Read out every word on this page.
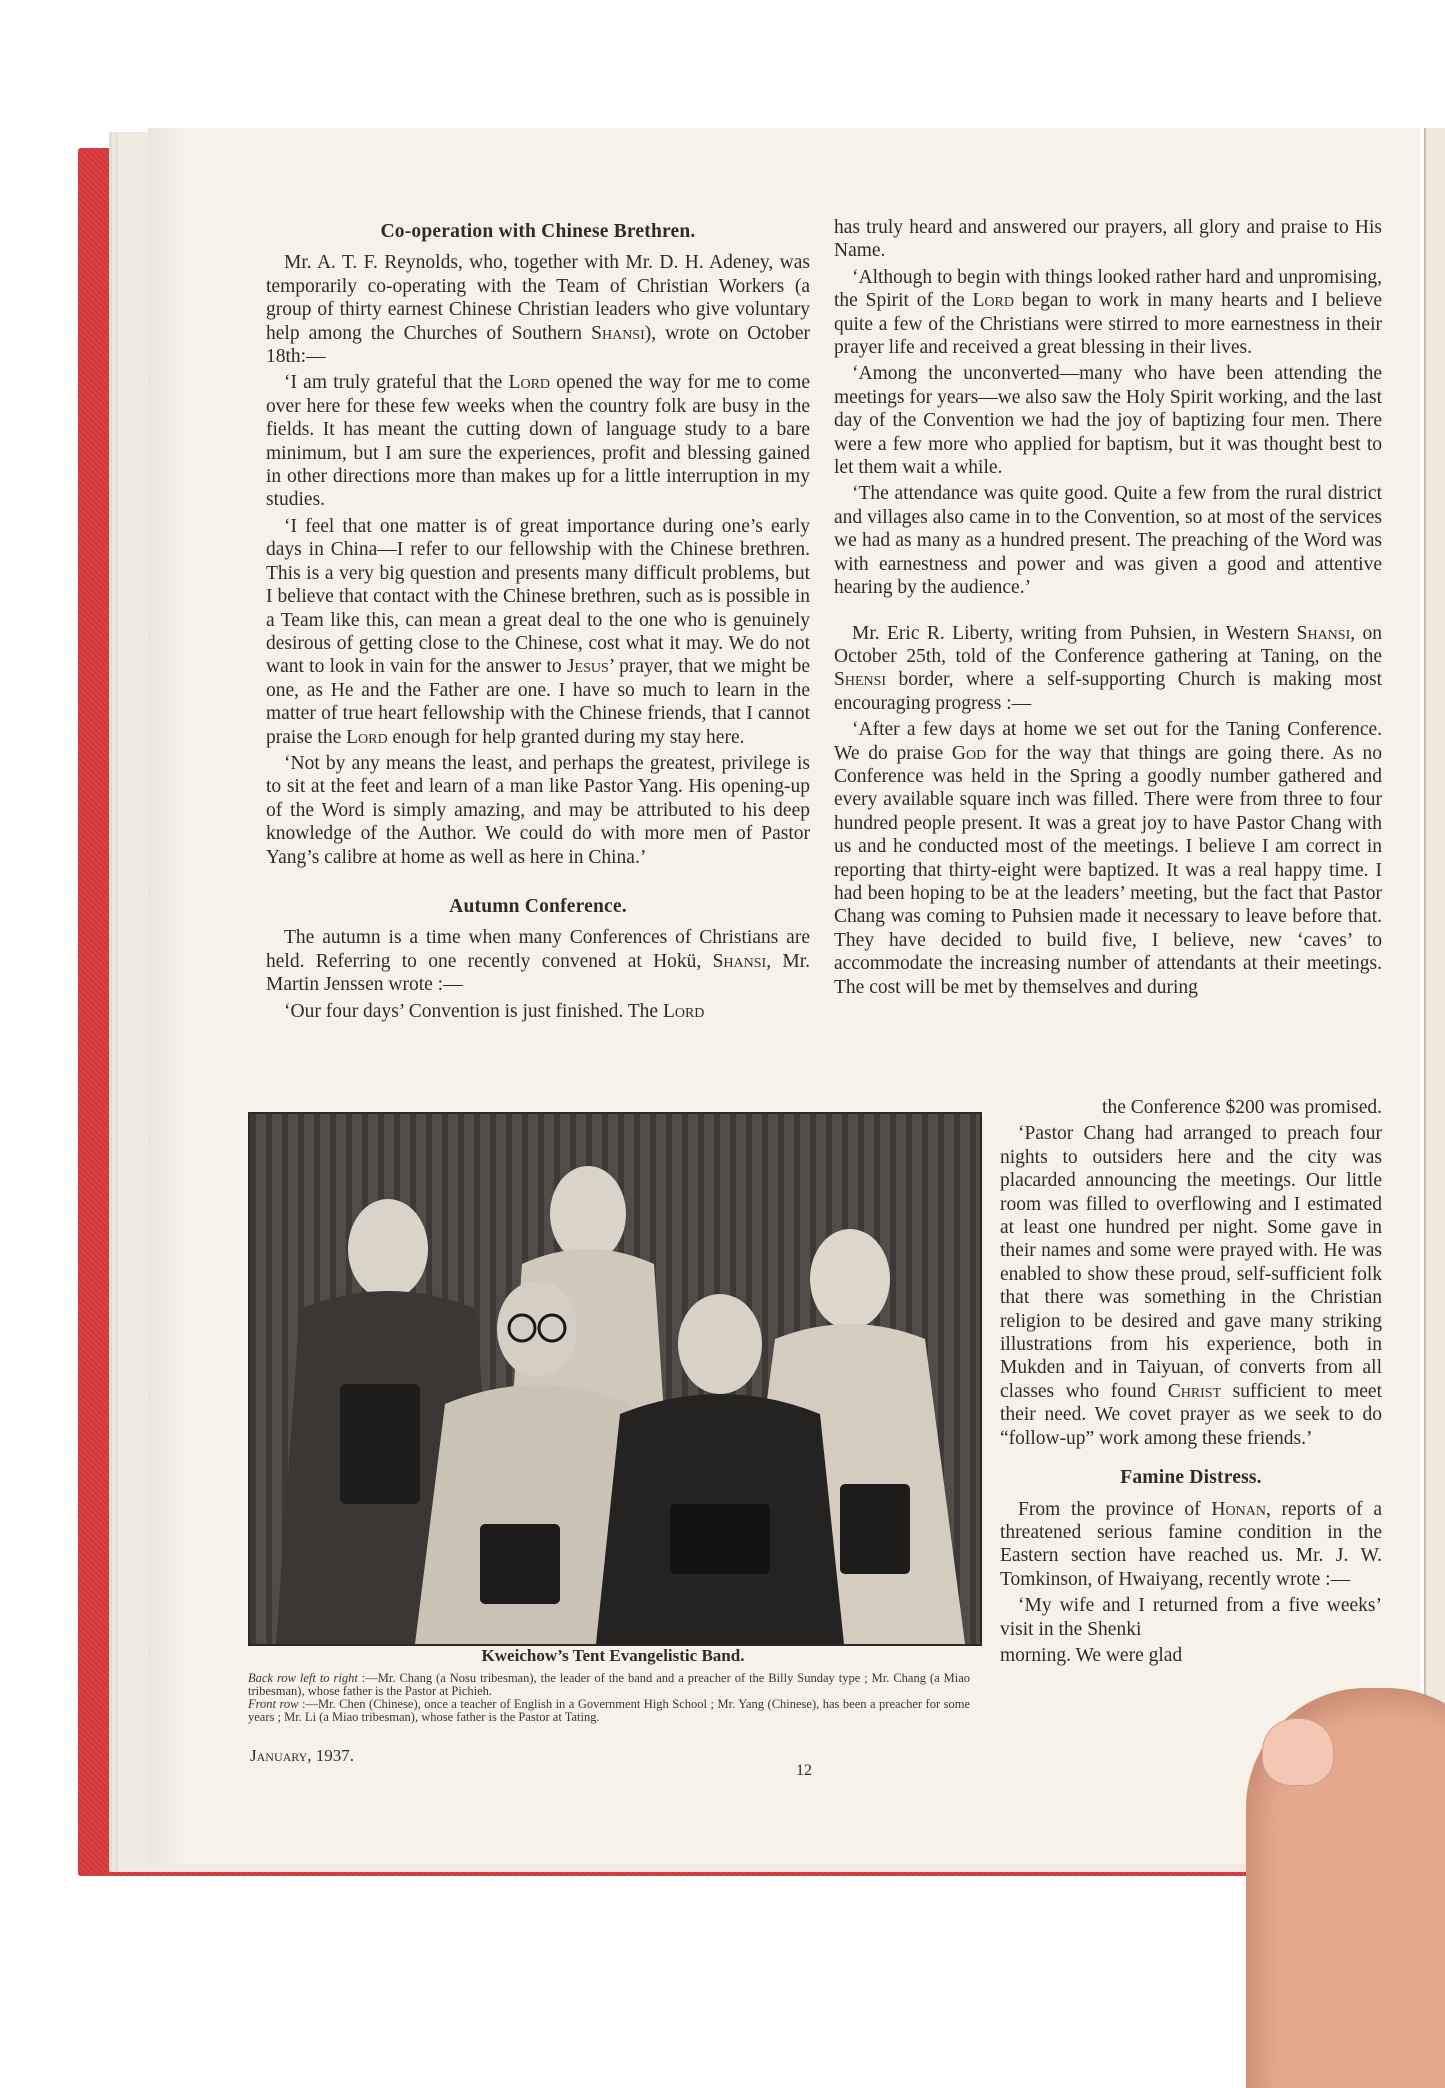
Co-operation with Chinese Brethren.

Mr. A. T. F. Reynolds, who, together with Mr. D. H. Adeney, was temporarily co-operating with the Team of Christian Workers (a group of thirty earnest Chinese Christian leaders who give voluntary help among the Churches of Southern Shansi), wrote on October 18th:—

‘I am truly grateful that the Lord opened the way for me to come over here for these few weeks when the country folk are busy in the fields. It has meant the cutting down of language study to a bare minimum, but I am sure the experiences, profit and blessing gained in other directions more than makes up for a little interruption in my studies.

‘I feel that one matter is of great importance during one’s early days in China—I refer to our fellowship with the Chinese brethren. This is a very big question and presents many difficult problems, but I believe that contact with the Chinese brethren, such as is possible in a Team like this, can mean a great deal to the one who is genuinely desirous of getting close to the Chinese, cost what it may. We do not want to look in vain for the answer to Jesus’ prayer, that we might be one, as He and the Father are one. I have so much to learn in the matter of true heart fellowship with the Chinese friends, that I cannot praise the Lord enough for help granted during my stay here.

‘Not by any means the least, and perhaps the greatest, privilege is to sit at the feet and learn of a man like Pastor Yang. His opening-up of the Word is simply amazing, and may be attributed to his deep knowledge of the Author. We could do with more men of Pastor Yang’s calibre at home as well as here in China.’

Autumn Conference.

The autumn is a time when many Conferences of Christians are held. Referring to one recently convened at Hokü, Shansi, Mr. Martin Jenssen wrote :—

‘Our four days’ Convention is just finished. The Lord

has truly heard and answered our prayers, all glory and praise to His Name.

‘Although to begin with things looked rather hard and unpromising, the Spirit of the Lord began to work in many hearts and I believe quite a few of the Christians were stirred to more earnestness in their prayer life and received a great blessing in their lives.

‘Among the unconverted—many who have been attending the meetings for years—we also saw the Holy Spirit working, and the last day of the Convention we had the joy of baptizing four men. There were a few more who applied for baptism, but it was thought best to let them wait a while.

‘The attendance was quite good. Quite a few from the rural district and villages also came in to the Convention, so at most of the services we had as many as a hundred present. The preaching of the Word was with earnestness and power and was given a good and attentive hearing by the audience.’

Mr. Eric R. Liberty, writing from Puhsien, in Western Shansi, on October 25th, told of the Conference gathering at Taning, on the Shensi border, where a self-supporting Church is making most encouraging progress :—

‘After a few days at home we set out for the Taning Conference. We do praise God for the way that things are going there. As no Conference was held in the Spring a goodly number gathered and every available square inch was filled. There were from three to four hundred people present. It was a great joy to have Pastor Chang with us and he conducted most of the meetings. I believe I am correct in reporting that thirty-eight were baptized. It was a real happy time. I had been hoping to be at the leaders’ meeting, but the fact that Pastor Chang was coming to Puhsien made it necessary to leave before that. They have decided to build five, I believe, new ‘caves’ to accommodate the increasing number of attendants at their meetings. The cost will be met by themselves and during

the Conference $200 was promised.

‘Pastor Chang had arranged to preach four nights to outsiders here and the city was placarded announcing the meetings. Our little room was filled to overflowing and I estimated at least one hundred per night. Some gave in their names and some were prayed with. He was enabled to show these proud, self-sufficient folk that there was something in the Christian religion to be desired and gave many striking illustrations from his experience, both in Mukden and in Taiyuan, of converts from all classes who found Christ sufficient to meet their need. We covet prayer as we seek to do “follow-up” work among these friends.’

Famine Distress.

From the province of Honan, reports of a threatened serious famine condition in the Eastern section have reached us. Mr. J. W. Tomkinson, of Hwaiyang, recently wrote :—

‘My wife and I returned from a five weeks’ visit in the Shenki

morning. We were glad

Kweichow’s Tent Evangelistic Band.

Back row left to right :—Mr. Chang (a Nosu tribesman), the leader of the band and a preacher of the Billy Sunday type ; Mr. Chang (a Miao tribesman), whose father is the Pastor at Pichieh.

Front row :—Mr. Chen (Chinese), once a teacher of English in a Government High School ; Mr. Yang (Chinese), has been a preacher for some years ; Mr. Li (a Miao tribesman), whose father is the Pastor at Tating.

January, 1937.
12
